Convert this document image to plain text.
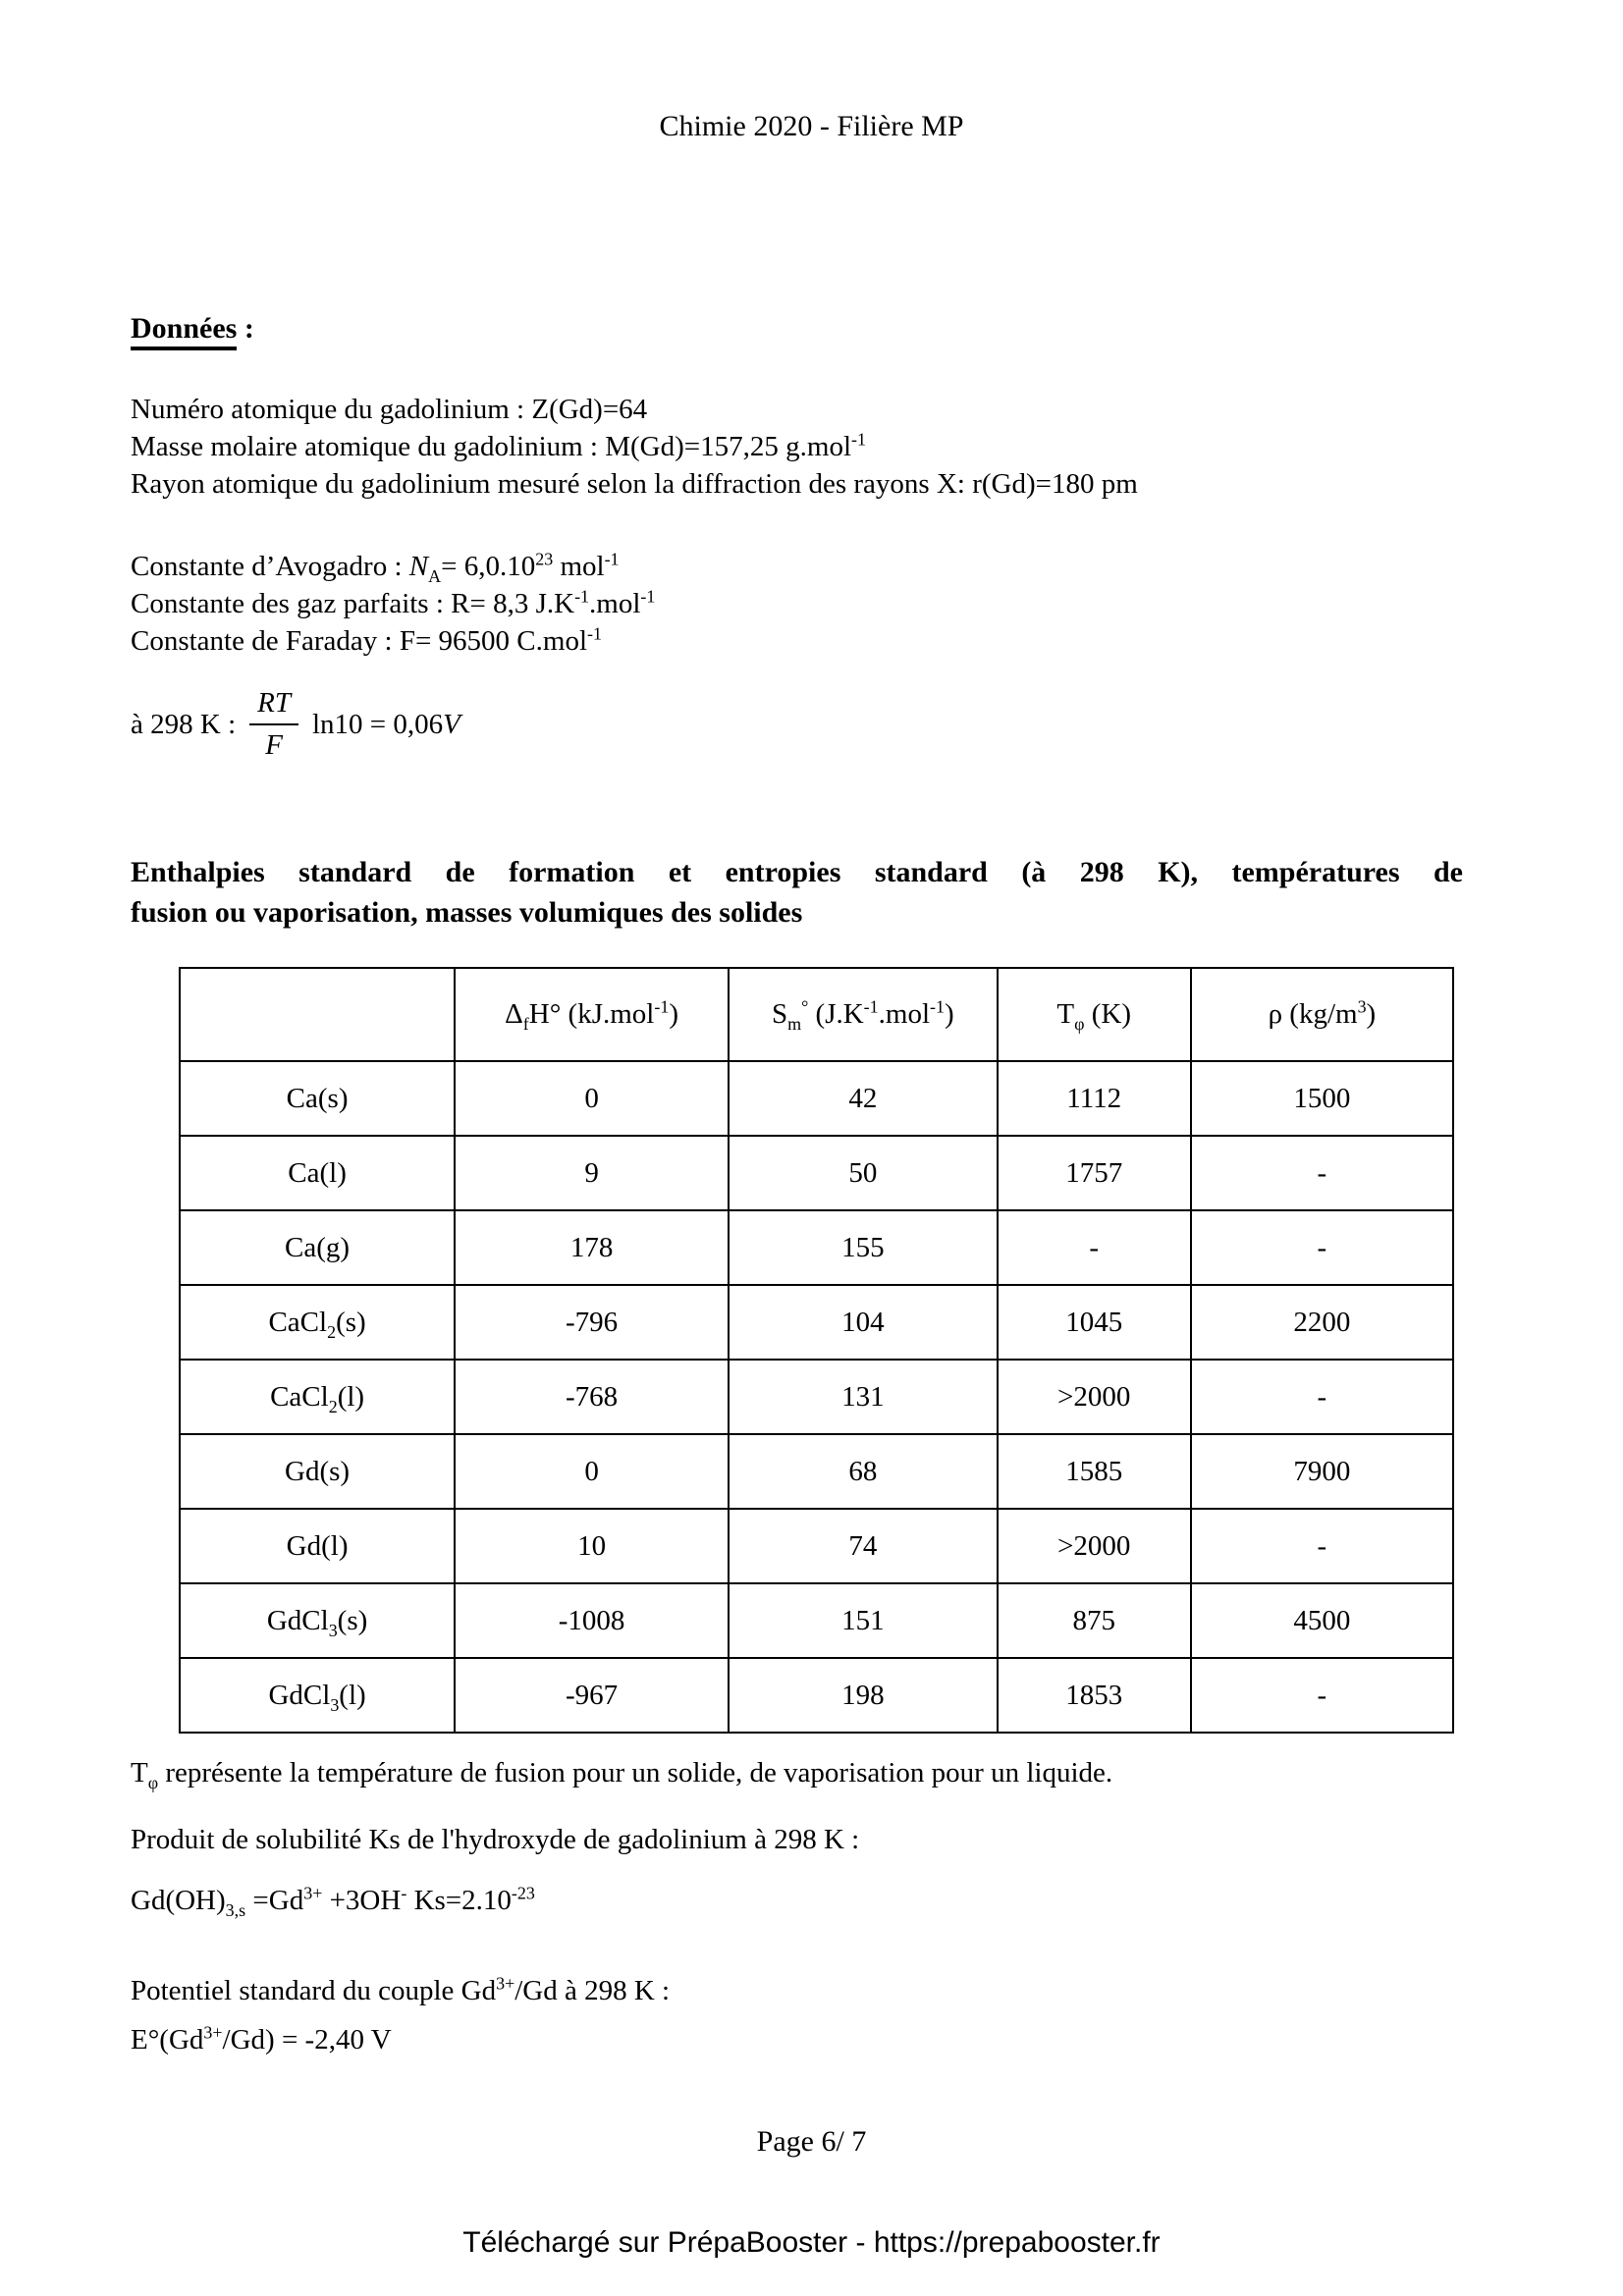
Chimie 2020 - Filière MP
Données :
Numéro atomique du gadolinium : Z(Gd)=64
Masse molaire atomique du gadolinium : M(Gd)=157,25 g.mol$^{-1}$
Rayon atomique du gadolinium mesuré selon la diffraction des rayons X: r(Gd)=180 pm
Constante d’Avogadro : $N_A= 6,0.10^{23}$ mol$^{-1}$
Constante des gaz parfaits : R= 8,3 $J.K^{-1}.mol^{-1}$
Constante de Faraday : F= 96500 C.mol$^{-1}$
à 298 K : $\frac{RT}{F} \ln 10 = 0,06V$
Enthalpies standard de formation et entropies standard (à 298 K), températures de
fusion ou vaporisation, masses volumiques des solides
	$\Delta_fH^\circ$ (kJ.mol$^{-1}$)	$S_m^\circ$ $(J.K^{-1}.mol^{-1})$	$T_\varphi$ (K)	ρ $(kg/m^3)$
Ca(s)	0	42	1112	1500
Ca(l)	9	50	1757	-
Ca(g)	178	155	-	-
CaCl$_2$(s)	-796	104	1045	2200
CaCl$_2$(l)	-768	131	>2000	-
Gd(s)	0	68	1585	7900
Gd(l)	10	74	>2000	-
GdCl$_3$(s)	-1008	151	875	4500
GdCl$_3$(l)	-967	198	1853	-
$T_\varphi$ représente la température de fusion pour un solide, de vaporisation pour un liquide.
Produit de solubilité Ks de l'hydroxyde de gadolinium à 298 K :
$Gd(OH)_{3,s} =Gd^{3+} +3OH^-$ $Ks=2.10^{-23}$
Potentiel standard du couple $Gd^{3+}/Gd$ à 298 K :
$E^\circ(Gd^{3+}/Gd) = -2,40$ V
Page 6/ 7
Téléchargé sur PrépaBooster - https://prepabooster.fr
